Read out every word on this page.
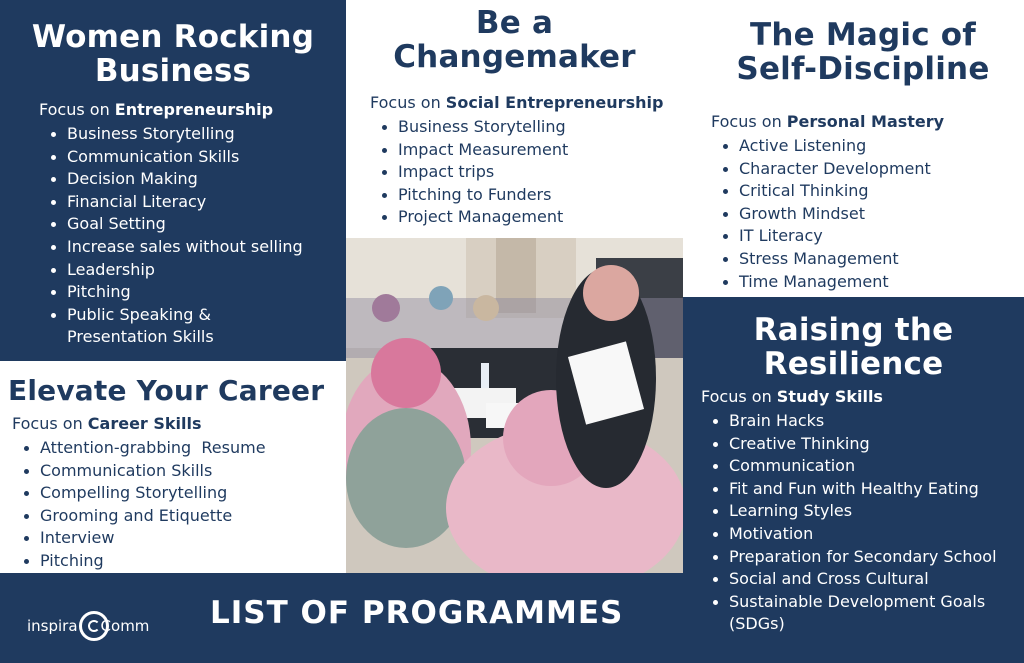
Women Rocking
Business

Focus on Entrepreneurship

Business Storytelling
Communication Skills
Decision Making
Financial Literacy
Goal Setting
Increase sales without selling
Leadership
Pitching
Public Speaking &
Presentation Skills
Be a
Changemaker

Focus on Social Entrepreneurship

Business Storytelling
Impact Measurement
Impact trips
Pitching to Funders
Project Management
The Magic of
Self-Discipline

Focus on Personal Mastery

Active Listening
Character Development
Critical Thinking
Growth Mindset
IT Literacy
Stress Management
Time Management
Raising the
Resilience

Focus on Study Skills

Brain Hacks
Creative Thinking
Communication
Fit and Fun with Healthy Eating
Learning Styles
Motivation
Preparation for Secondary School
Social and Cross Cultural
Sustainable Development Goals (SDGs)
Elevate Your Career

Focus on Career Skills

Attention-grabbing  Resume
Communication Skills
Compelling Storytelling
Grooming and Etiquette
Interview
Pitching
inspira Comm LIST OF PROGRAMMES
